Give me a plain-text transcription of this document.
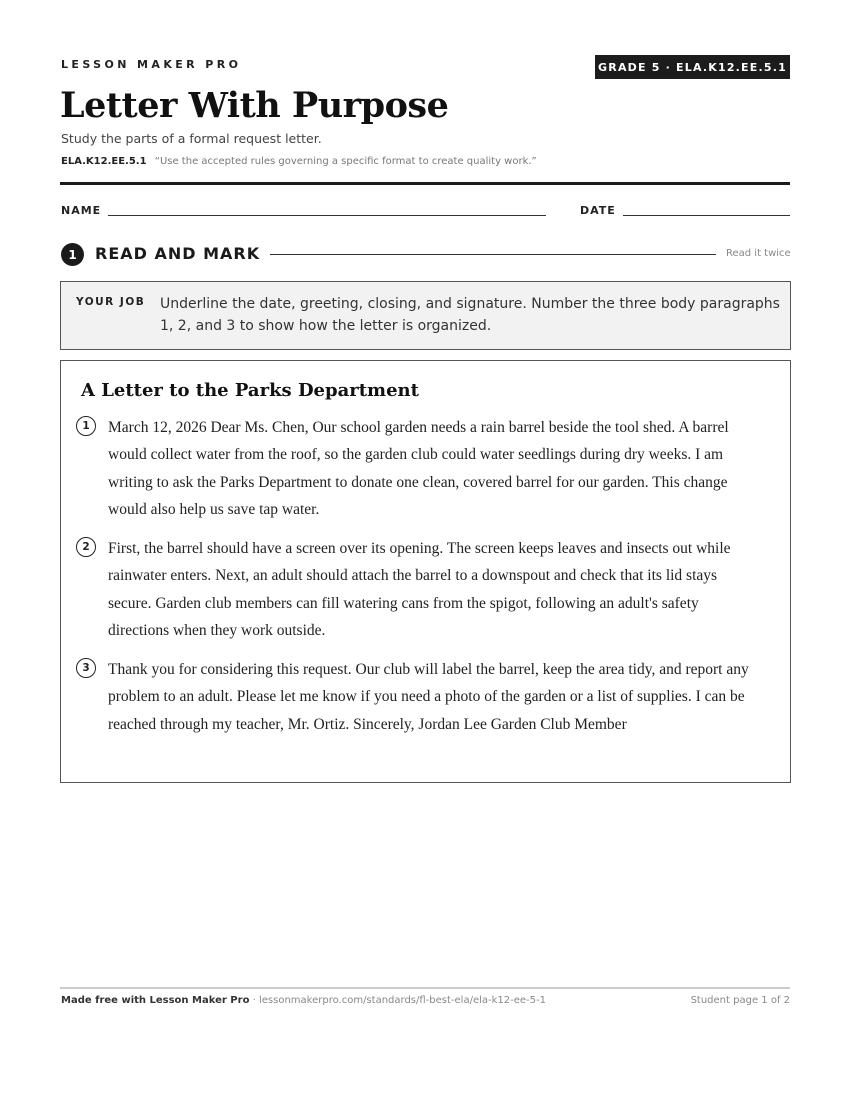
LESSON MAKER PRO	GRADE 5 · ELA.K12.EE.5.1
Letter With Purpose
Study the parts of a formal request letter.
ELA.K12.EE.5.1 “Use the accepted rules governing a specific format to create quality work.”
NAME	DATE
1	READ AND MARK	Read it twice
YOUR JOB Underline the date, greeting, closing, and signature. Number the three body paragraphs 1, 2, and 3 to show how the letter is organized.
A Letter to the Parks Department
1	March 12, 2026 Dear Ms. Chen, Our school garden needs a rain barrel beside the tool shed. A barrel would collect water from the roof, so the garden club could water seedlings during dry weeks. I am writing to ask the Parks Department to donate one clean, covered barrel for our garden. This change would also help us save tap water.
2	First, the barrel should have a screen over its opening. The screen keeps leaves and insects out while rainwater enters. Next, an adult should attach the barrel to a downspout and check that its lid stays secure. Garden club members can fill watering cans from the spigot, following an adult's safety directions when they work outside.
3	Thank you for considering this request. Our club will label the barrel, keep the area tidy, and report any problem to an adult. Please let me know if you need a photo of the garden or a list of supplies. I can be reached through my teacher, Mr. Ortiz. Sincerely, Jordan Lee Garden Club Member
Made free with Lesson Maker Pro · lessonmakerpro.com/standards/fl-best-ela/ela-k12-ee-5-1	Student page 1 of 2
